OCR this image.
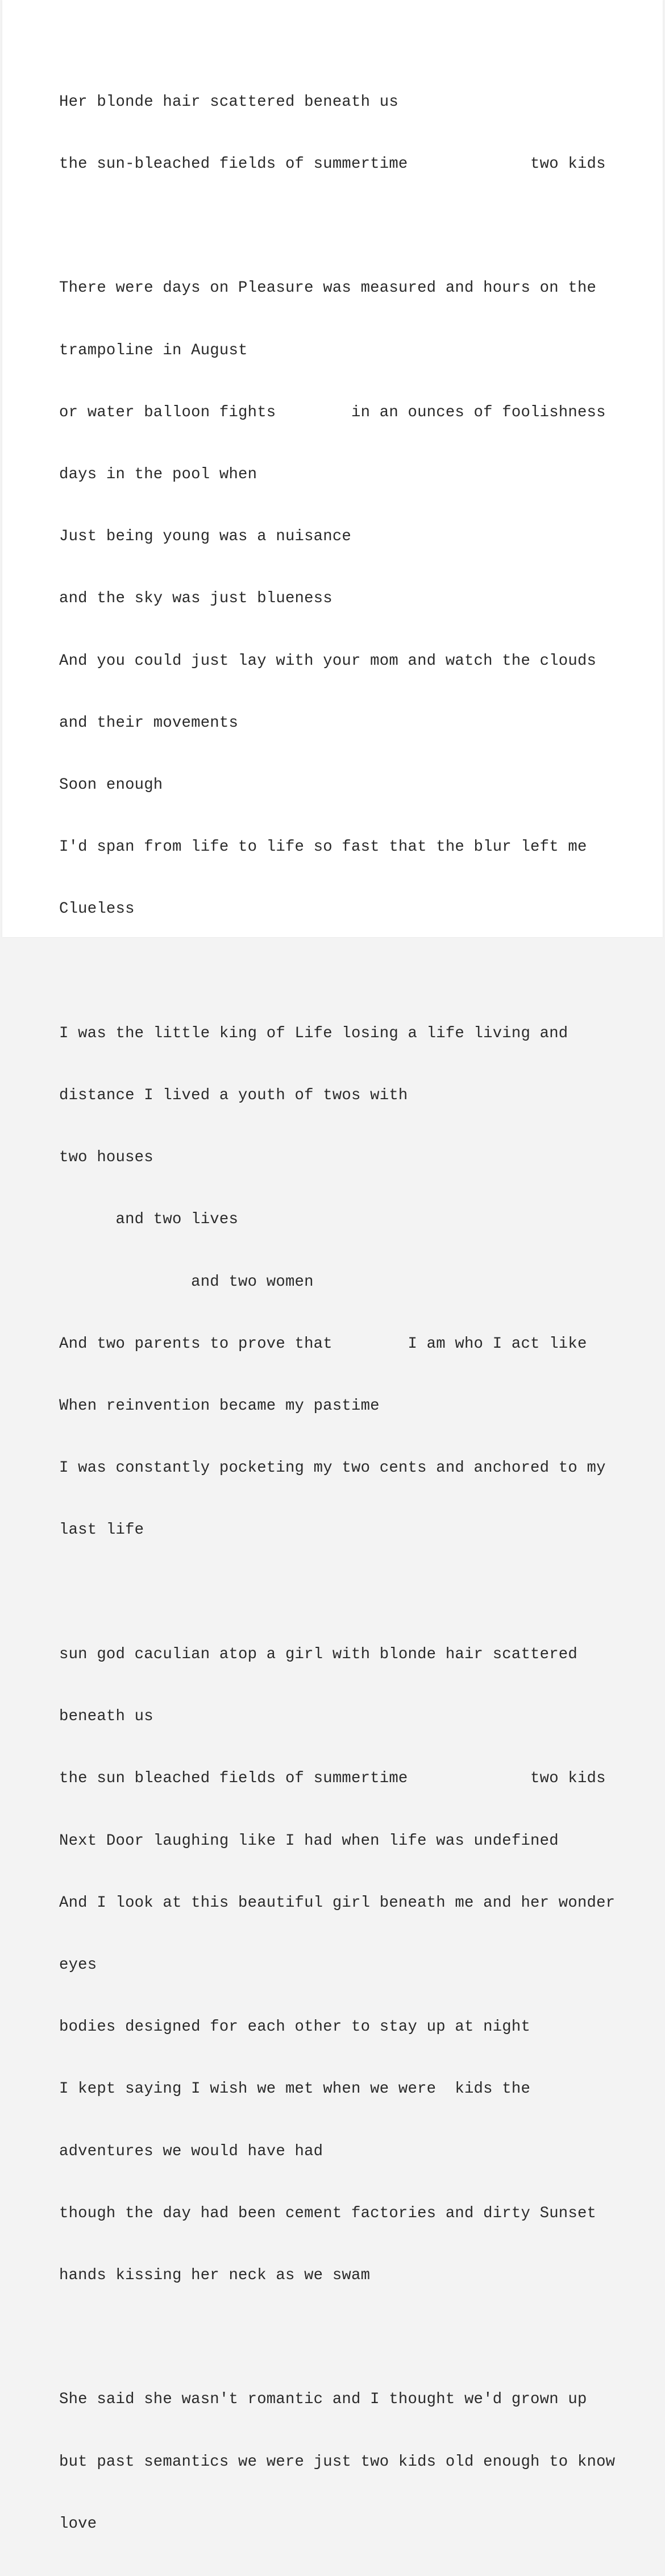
Her blonde hair scattered beneath us

the sun-bleached fields of summertime             two kids

There were days on Pleasure was measured and hours on the

trampoline in August

or water balloon fights        in an ounces of foolishness

days in the pool when

Just being young was a nuisance

and the sky was just blueness

And you could just lay with your mom and watch the clouds

and their movements

Soon enough

I'd span from life to life so fast that the blur left me

Clueless

I was the little king of Life losing a life living and

distance I lived a youth of twos with

two houses

and two lives

and two women

And two parents to prove that        I am who I act like

When reinvention became my pastime

I was constantly pocketing my two cents and anchored to my

last life

sun god caculian atop a girl with blonde hair scattered

beneath us

the sun bleached fields of summertime             two kids

Next Door laughing like I had when life was undefined

And I look at this beautiful girl beneath me and her wonder

eyes

bodies designed for each other to stay up at night

I kept saying I wish we met when we were  kids the

adventures we would have had

though the day had been cement factories and dirty Sunset

hands kissing her neck as we swam

She said she wasn't romantic and I thought we'd grown up

but past semantics we were just two kids old enough to know

love
